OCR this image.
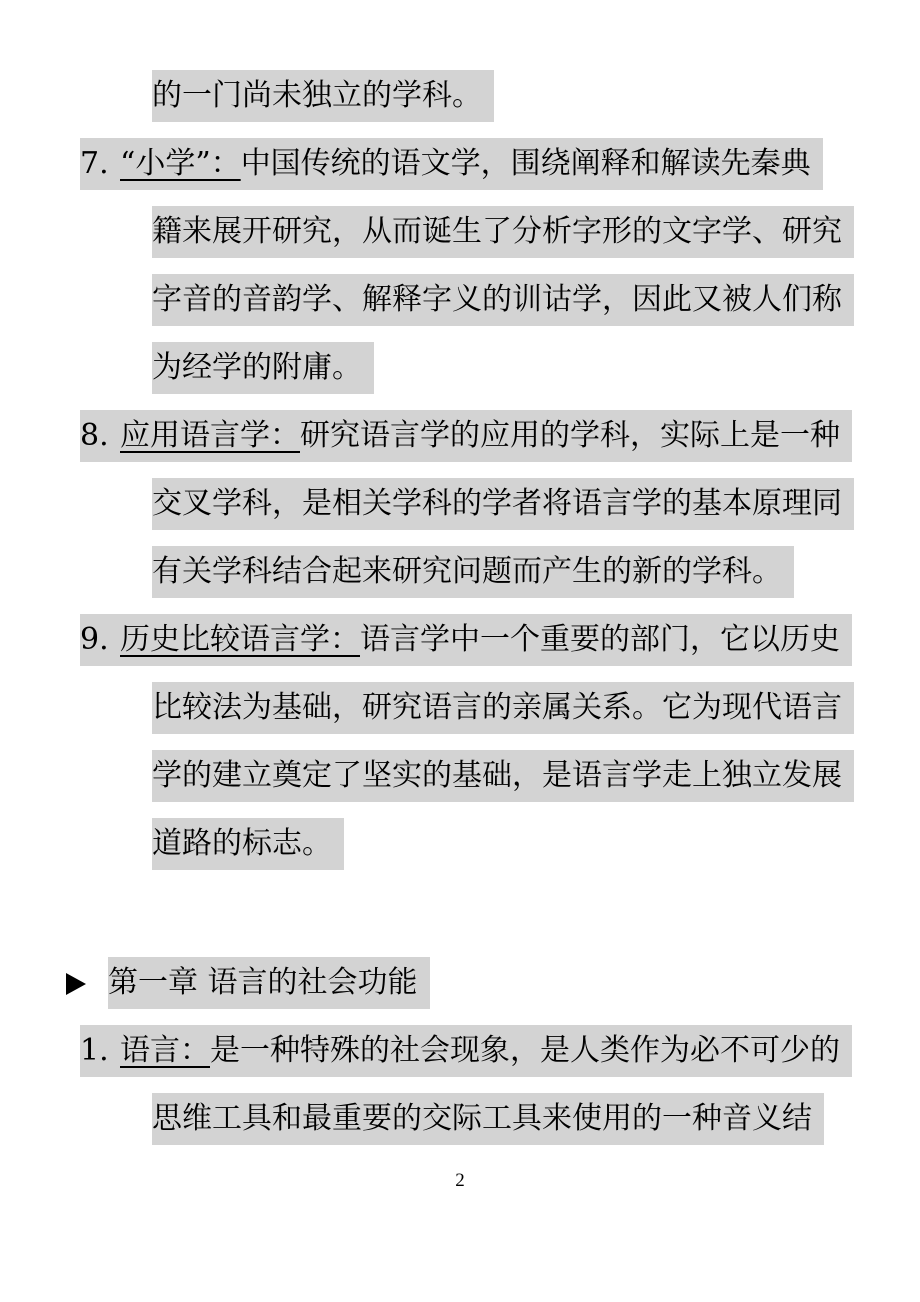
的一门尚未独立的学科。
7. “小学”：中国传统的语文学，围绕阐释和解读先秦典
籍来展开研究，从而诞生了分析字形的文字学、研究
字音的音韵学、解释字义的训诂学，因此又被人们称
为经学的附庸。
8. 应用语言学：研究语言学的应用的学科，实际上是一种
交叉学科，是相关学科的学者将语言学的基本原理同
有关学科结合起来研究问题而产生的新的学科。
9. 历史比较语言学：语言学中一个重要的部门，它以历史
比较法为基础，研究语言的亲属关系。它为现代语言
学的建立奠定了坚实的基础，是语言学走上独立发展
道路的标志。
第一章 语言的社会功能
1. 语言：是一种特殊的社会现象，是人类作为必不可少的
思维工具和最重要的交际工具来使用的一种音义结
2
